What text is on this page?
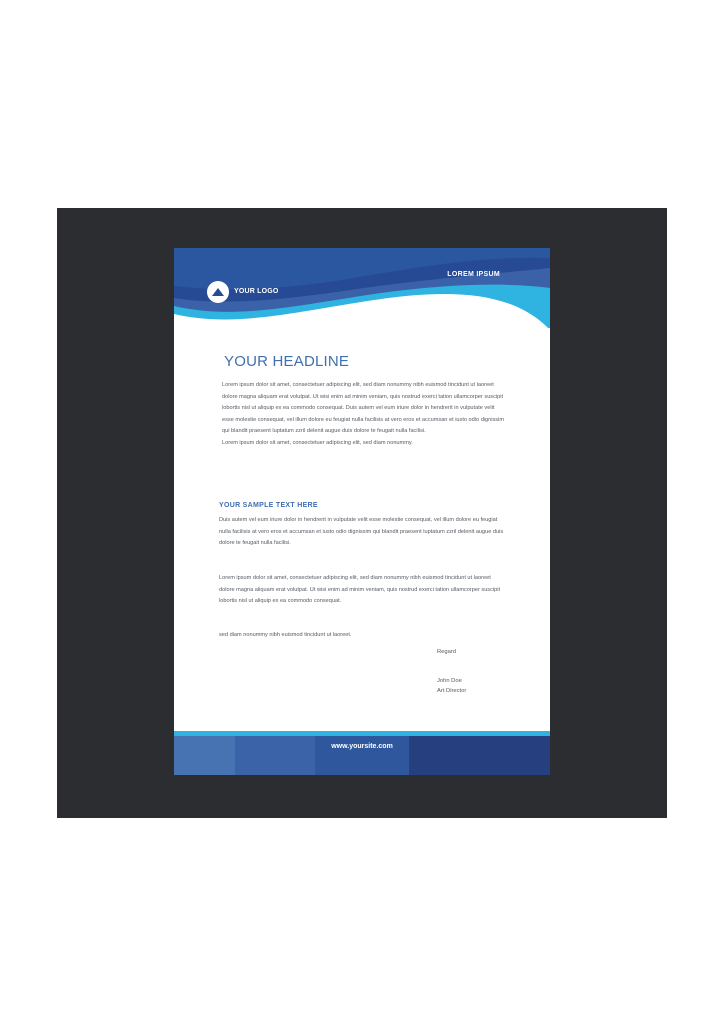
YOUR LOGO
LOREM IPSUM
YOUR HEADLINE
Lorem ipsum dolor sit amet, consectetuer adipiscing elit, sed diam nonummy nibh euismod tincidunt ut laoreet dolore magna aliquam erat volutpat. Ut wisi enim ad minim veniam, quis nostrud exerci tation ullamcorper suscipit lobortis nisl ut aliquip ex ea commodo consequat. Duis autem vel eum iriure dolor in hendrerit in vulputate velit esse molestie consequat, vel illum dolore eu feugiat nulla facilisis at vero eros et accumsan et iusto odio dignissim qui blandit praesent luptatum zzril delenit augue duis dolore te feugait nulla facilisi.
Lorem ipsum dolor sit amet, consectetuer adipiscing elit, sed diam nonummy.
YOUR SAMPLE TEXT HERE
Duis autem vel eum iriure dolor in hendrerit in vulputate velit esse molestie consequat, vel illum dolore eu feugiat nulla facilisis at vero eros et accumsan et iusto odio dignissim qui blandit praesent luptatum zzril delenit augue duis dolore te feugait nulla facilisi.
Lorem ipsum dolor sit amet, consectetuer adipiscing elit, sed diam nonummy nibh euismod tincidunt ut laoreet dolore magna aliquam erat volutpat. Ut wisi enim ad minim veniam, quis nostrud exerci tation ullamcorper suscipit lobortis nisl ut aliquip ex ea commodo consequat.
sed diam nonummy nibh euismod tincidunt ut laoreet.
Regard
John Doe
Art Director
www.yoursite.com
